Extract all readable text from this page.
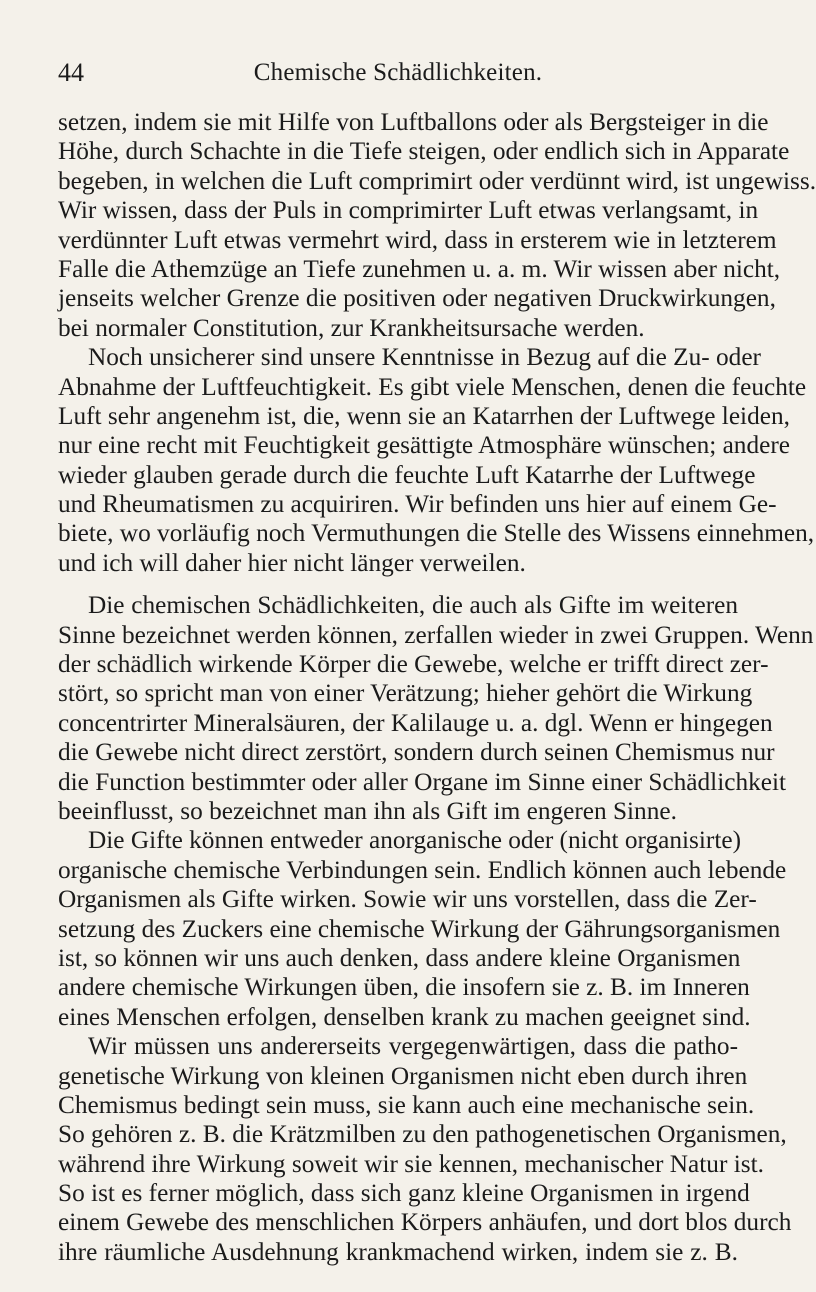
44	Chemische Schädlichkeiten.
setzen, indem sie mit Hilfe von Luftballons oder als Bergsteiger in die
Höhe, durch Schachte in die Tiefe steigen, oder endlich sich in Apparate
begeben, in welchen die Luft comprimirt oder verdünnt wird, ist ungewiss.
Wir wissen, dass der Puls in comprimirter Luft etwas verlangsamt, in
verdünnter Luft etwas vermehrt wird, dass in ersterem wie in letzterem
Falle die Athemzüge an Tiefe zunehmen u. a. m. Wir wissen aber nicht,
jenseits welcher Grenze die positiven oder negativen Druckwirkungen,
bei normaler Constitution, zur Krankheitsursache werden.
Noch unsicherer sind unsere Kenntnisse in Bezug auf die Zu- oder
Abnahme der Luftfeuchtigkeit. Es gibt viele Menschen, denen die feuchte
Luft sehr angenehm ist, die, wenn sie an Katarrhen der Luftwege leiden,
nur eine recht mit Feuchtigkeit gesättigte Atmosphäre wünschen; andere
wieder glauben gerade durch die feuchte Luft Katarrhe der Luftwege
und Rheumatismen zu acquiriren. Wir befinden uns hier auf einem Ge-
biete, wo vorläufig noch Vermuthungen die Stelle des Wissens einnehmen,
und ich will daher hier nicht länger verweilen.
Die chemischen Schädlichkeiten, die auch als Gifte im weiteren
Sinne bezeichnet werden können, zerfallen wieder in zwei Gruppen. Wenn
der schädlich wirkende Körper die Gewebe, welche er trifft direct zer-
stört, so spricht man von einer Verätzung; hieher gehört die Wirkung
concentrirter Mineralsäuren, der Kalilauge u. a. dgl. Wenn er hingegen
die Gewebe nicht direct zerstört, sondern durch seinen Chemismus nur
die Function bestimmter oder aller Organe im Sinne einer Schädlichkeit
beeinflusst, so bezeichnet man ihn als Gift im engeren Sinne.
Die Gifte können entweder anorganische oder (nicht organisirte)
organische chemische Verbindungen sein. Endlich können auch lebende
Organismen als Gifte wirken. Sowie wir uns vorstellen, dass die Zer-
setzung des Zuckers eine chemische Wirkung der Gährungsorganismen
ist, so können wir uns auch denken, dass andere kleine Organismen
andere chemische Wirkungen üben, die insofern sie z. B. im Inneren
eines Menschen erfolgen, denselben krank zu machen geeignet sind.
Wir müssen uns andererseits vergegenwärtigen, dass die patho-
genetische Wirkung von kleinen Organismen nicht eben durch ihren
Chemismus bedingt sein muss, sie kann auch eine mechanische sein.
So gehören z. B. die Krätzmilben zu den pathogenetischen Organismen,
während ihre Wirkung soweit wir sie kennen, mechanischer Natur ist.
So ist es ferner möglich, dass sich ganz kleine Organismen in irgend
einem Gewebe des menschlichen Körpers anhäufen, und dort blos durch
ihre räumliche Ausdehnung krankmachend wirken, indem sie z. B.
